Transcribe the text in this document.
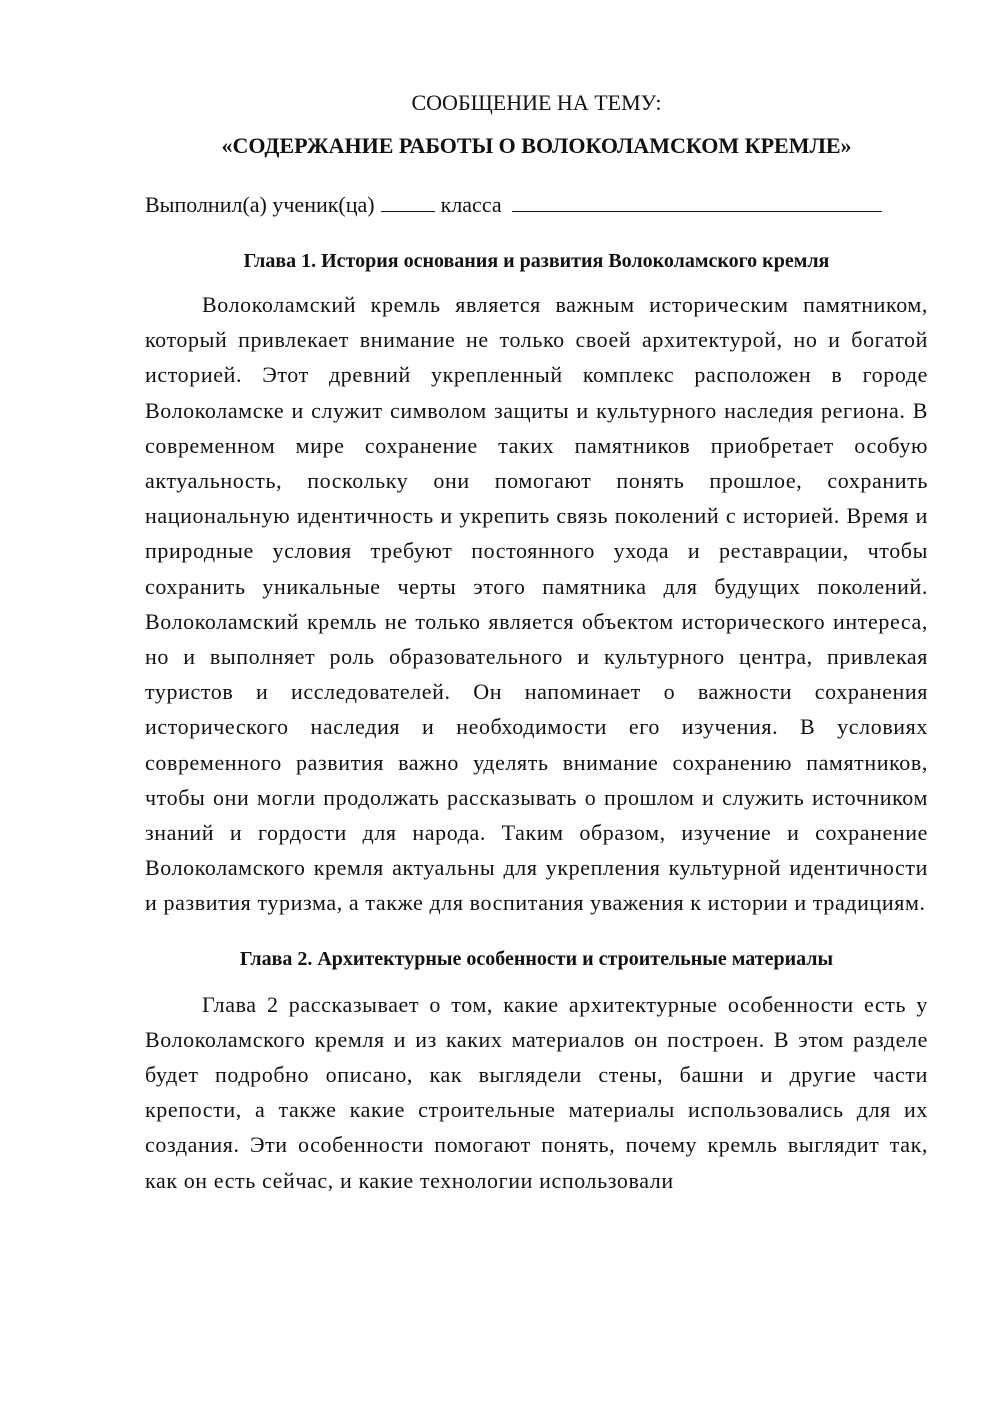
СООБЩЕНИЕ НА ТЕМУ:

«СОДЕРЖАНИЕ РАБОТЫ О ВОЛОКОЛАМСКОМ КРЕМЛЕ»

Выполнил(а) ученик(ца)	класса

Глава 1. История основания и развития Волоколамского кремля

Волоколамский кремль является важным историческим памятником, который привлекает внимание не только своей архитектурой, но и богатой историей. Этот древний укрепленный комплекс расположен в городе Волоколамске и служит символом защиты и культурного наследия региона. В современном мире сохранение таких памятников приобретает особую актуальность, поскольку они помогают понять прошлое, сохранить национальную идентичность и укрепить связь поколений с историей. Время и природные условия требуют постоянного ухода и реставрации, чтобы сохранить уникальные черты этого памятника для будущих поколений. Волоколамский кремль не только является объектом исторического интереса, но и выполняет роль образовательного и культурного центра, привлекая туристов и исследователей. Он напоминает о важности сохранения исторического наследия и необходимости его изучения. В условиях современного развития важно уделять внимание сохранению памятников, чтобы они могли продолжать рассказывать о прошлом и служить источником знаний и гордости для народа. Таким образом, изучение и сохранение Волоколамского кремля актуальны для укрепления культурной идентичности и развития туризма, а также для воспитания уважения к истории и традициям.

Глава 2. Архитектурные особенности и строительные материалы

Глава 2 рассказывает о том, какие архитектурные особенности есть у Волоколамского кремля и из каких материалов он построен. В этом разделе будет подробно описано, как выглядели стены, башни и другие части крепости, а также какие строительные материалы использовались для их создания. Эти особенности помогают понять, почему кремль выглядит так, как он есть сейчас, и какие технологии использовали
